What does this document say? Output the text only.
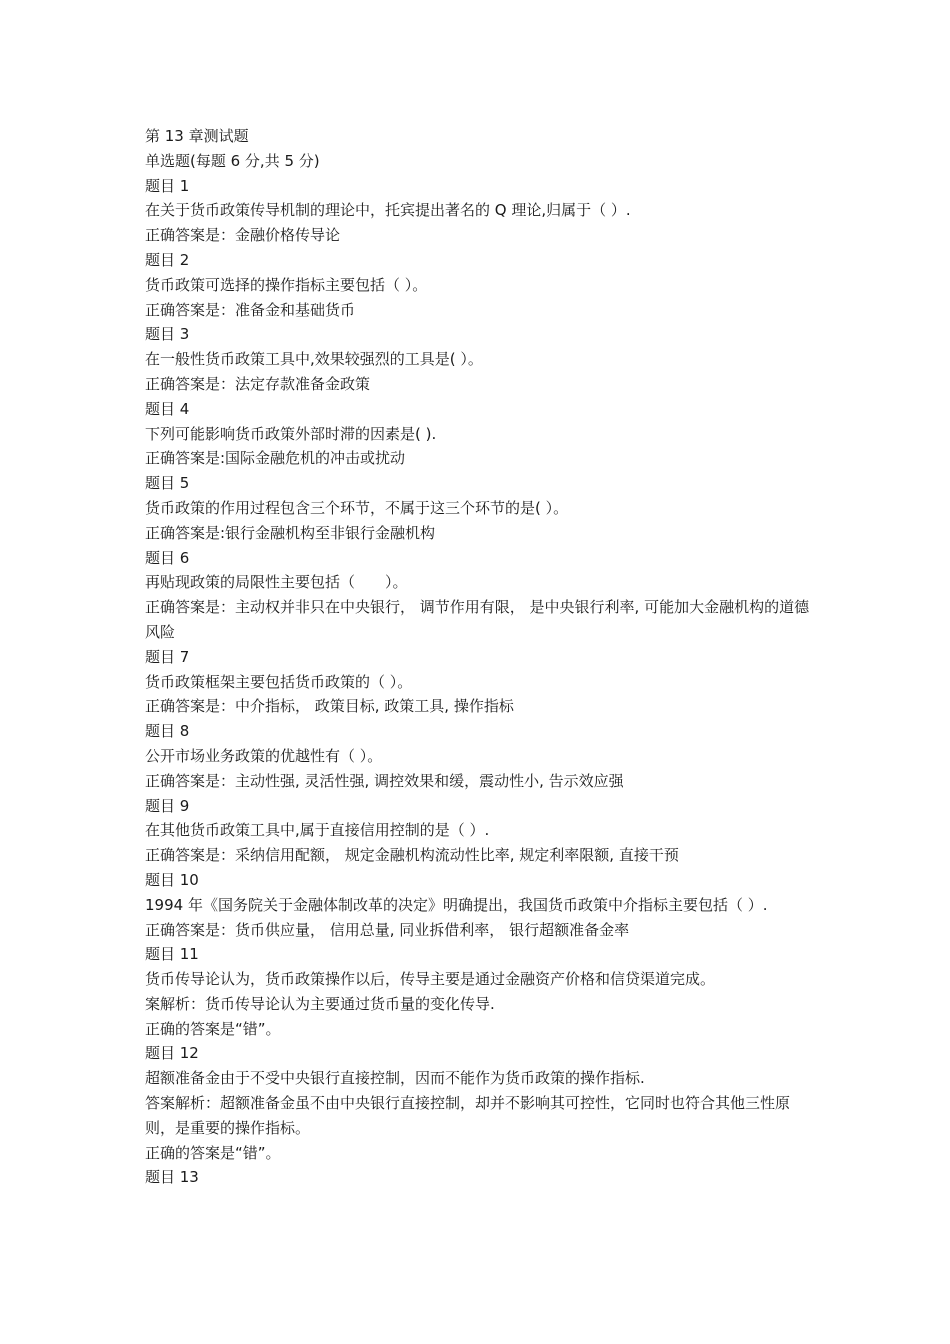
第 13 章测试题
单选题(每题 6 分,共 5 分)
题目 1
在关于货币政策传导机制的理论中，托宾提出著名的 Q 理论,归属于（ ）.
正确答案是：金融价格传导论
题目 2
货币政策可选择的操作指标主要包括（ ）。
正确答案是：准备金和基础货币
题目 3
在一般性货币政策工具中,效果较强烈的工具是( ）。
正确答案是：法定存款准备金政策
题目 4
下列可能影响货币政策外部时滞的因素是( ).
正确答案是:国际金融危机的冲击或扰动
题目 5
货币政策的作用过程包含三个环节，不属于这三个环节的是( ）。
正确答案是:银行金融机构至非银行金融机构
题目 6
再贴现政策的局限性主要包括（　　）。
正确答案是：主动权并非只在中央银行， 调节作用有限， 是中央银行利率, 可能加大金融机构的道德风险
题目 7
货币政策框架主要包括货币政策的（ ）。
正确答案是：中介指标， 政策目标, 政策工具, 操作指标
题目 8
公开市场业务政策的优越性有（ ）。
正确答案是：主动性强, 灵活性强, 调控效果和缓，震动性小, 告示效应强
题目 9
在其他货币政策工具中,属于直接信用控制的是（ ）.
正确答案是：采纳信用配额， 规定金融机构流动性比率, 规定利率限额, 直接干预
题目 10
1994 年《国务院关于金融体制改革的决定》明确提出，我国货币政策中介指标主要包括（ ）.
正确答案是：货币供应量， 信用总量, 同业拆借利率， 银行超额准备金率
题目 11
货币传导论认为，货币政策操作以后，传导主要是通过金融资产价格和信贷渠道完成。
案解析：货币传导论认为主要通过货币量的变化传导.
正确的答案是“错”。
题目 12
超额准备金由于不受中央银行直接控制，因而不能作为货币政策的操作指标.
答案解析：超额准备金虽不由中央银行直接控制，却并不影响其可控性，它同时也符合其他三性原则，是重要的操作指标。
正确的答案是“错”。
题目 13
